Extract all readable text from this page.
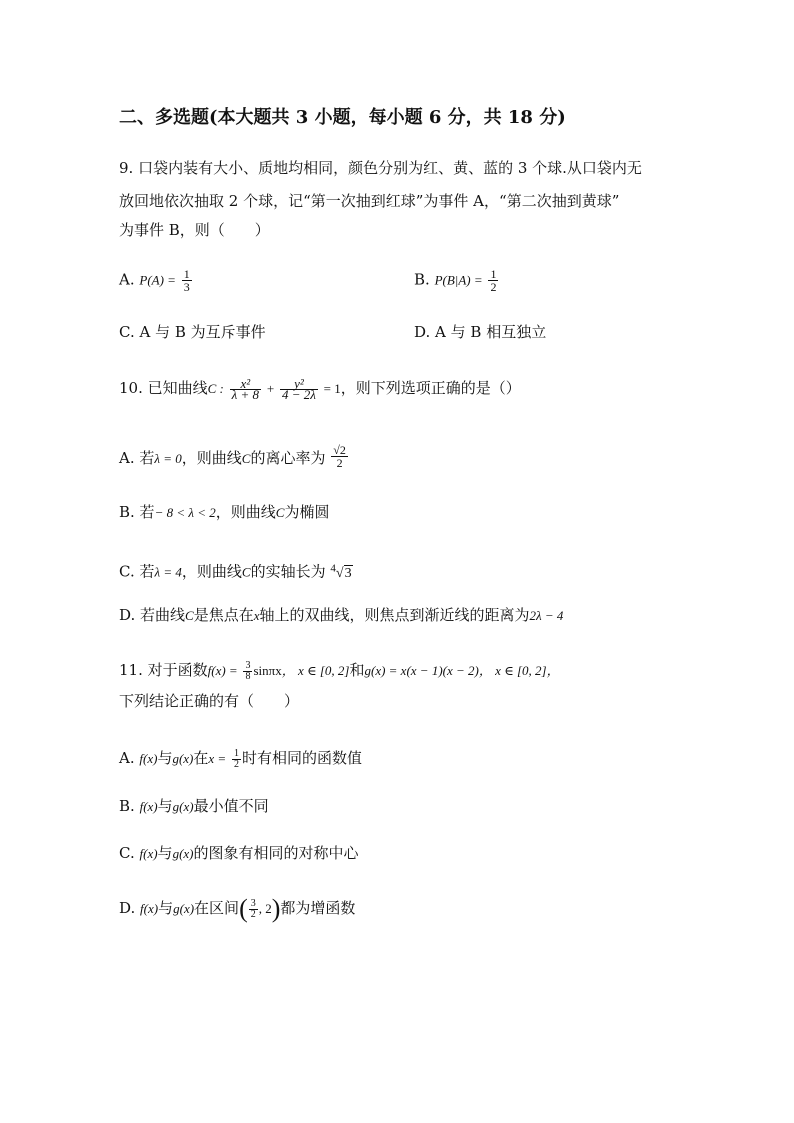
二、多选题(本大题共 3 小题，每小题 6 分，共 18 分)
9. 口袋内装有大小、质地均相同，颜色分别为红、黄、蓝的 3 个球.从口袋内无
放回地依次抽取 2 个球，记“第一次抽到红球”为事件 A，“第二次抽到黄球”
为事件 B，则（　　）
A. $P(A) = \frac{1}{3}$	B. $P(B|A) = \frac{1}{2}$
C. A 与 B 为互斥事件	D. A 与 B 相互独立
10. 已知曲线C : $\frac{\text{x²}}{\lambda + 8} + \frac{\text{y²}}{4 - 2\lambda} = 1$，则下列选项正确的是（）
A. 若λ = 0，则曲线C的离心率为 $\frac{√2}{2}$
B. 若− 8 < λ < 2，则曲线C为椭圆
C. 若λ = 4，则曲线C的实轴长为 $^4$√3
D. 若曲线C是焦点在x轴上的双曲线，则焦点到渐近线的距离为2λ − 4
11. 对于函数$f(x) = \frac{3}{8}$ sinπx， x ∈ [0, 2]和g(x) = x(x − 1)(x − 2)， x ∈ [0, 2]，
下列结论正确的有（　　）
A. f(x)与g(x)在$x = \frac{1}{2}$ 时有相同的函数值
B. f(x)与g(x)最小值不同
C. f(x)与g(x)的图象有相同的对称中心
D. f(x)与g(x)在区间( $\frac{3}{2}$ , 2)都为增函数
